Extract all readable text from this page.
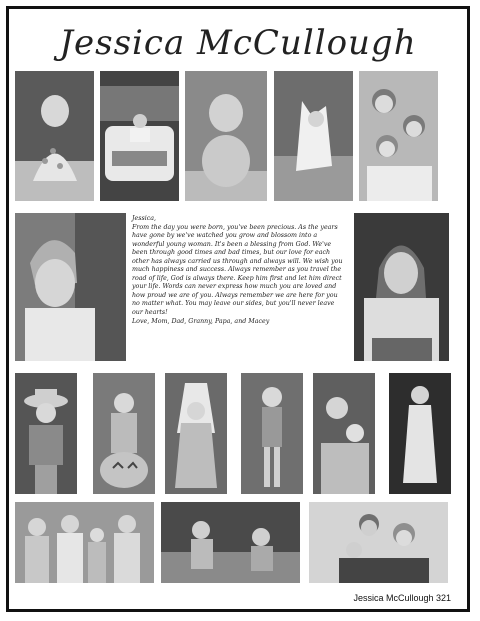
Jessica McCullough

Jessica,

From the day you were born, you've been precious. As the years have gone by we've watched you grow and blossom into a wonderful young woman. It's been a blessing from God. We've been through good times and bad times, but our love for each other has always carried us through and always will. We wish you much happiness and success. Always remember as you travel the road of life, God is always there. Keep him first and let him direct your life. Words can never express how much you are loved and how proud we are of you. Always remember we are here for you no matter what. You may leave our sides, but you'll never leave our hearts!

Love, Mom, Dad, Granny, Papa, and Macey

Jessica McCullough 321
